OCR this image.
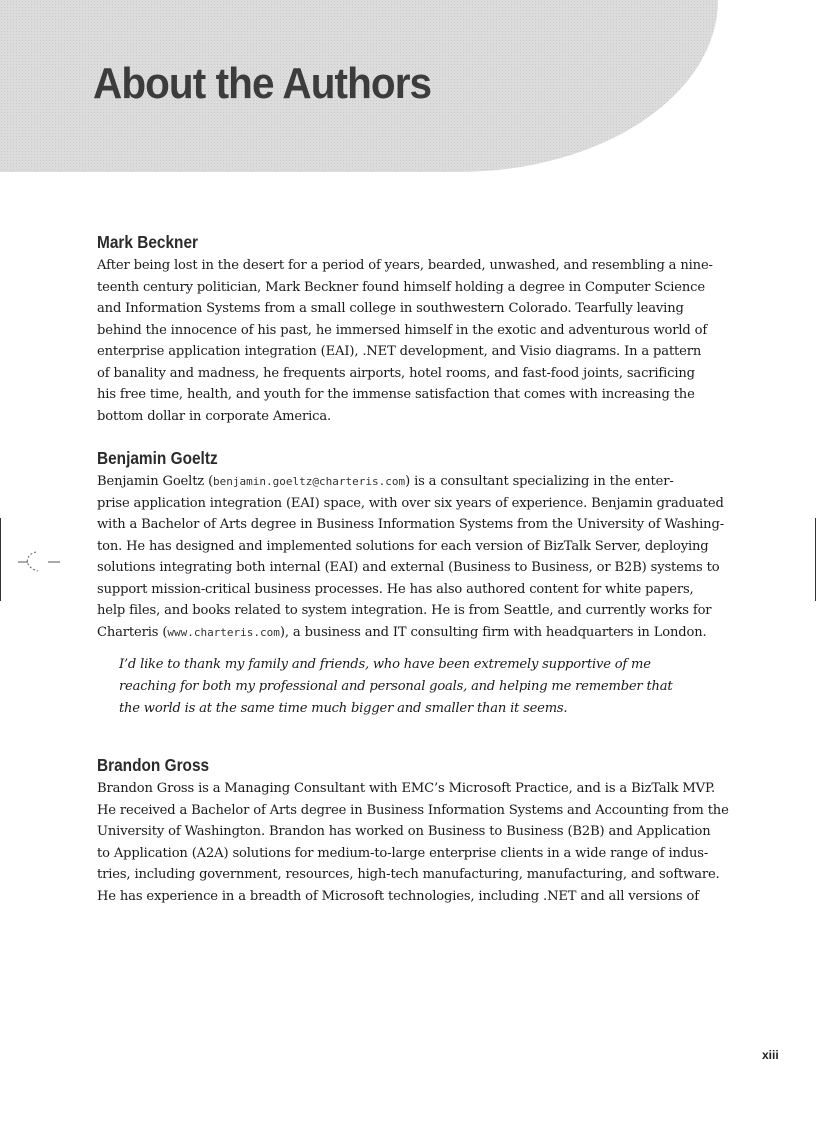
About the Authors
Mark Beckner

After being lost in the desert for a period of years, bearded, unwashed, and resembling a nine-

teenth century politician, Mark Beckner found himself holding a degree in Computer Science

and Information Systems from a small college in southwestern Colorado. Tearfully leaving

behind the innocence of his past, he immersed himself in the exotic and adventurous world of

enterprise application integration (EAI), .NET development, and Visio diagrams. In a pattern

of banality and madness, he frequents airports, hotel rooms, and fast-food joints, sacrificing

his free time, health, and youth for the immense satisfaction that comes with increasing the

bottom dollar in corporate America.

Benjamin Goeltz

Benjamin Goeltz (benjamin.goeltz@charteris.com) is a consultant specializing in the enter-

prise application integration (EAI) space, with over six years of experience. Benjamin graduated

with a Bachelor of Arts degree in Business Information Systems from the University of Washing-

ton. He has designed and implemented solutions for each version of BizTalk Server, deploying

solutions integrating both internal (EAI) and external (Business to Business, or B2B) systems to

support mission-critical business processes. He has also authored content for white papers,

help files, and books related to system integration. He is from Seattle, and currently works for

Charteris (www.charteris.com), a business and IT consulting firm with headquarters in London.

I’d like to thank my family and friends, who have been extremely supportive of me

reaching for both my professional and personal goals, and helping me remember that

the world is at the same time much bigger and smaller than it seems.

Brandon Gross

Brandon Gross is a Managing Consultant with EMC’s Microsoft Practice, and is a BizTalk MVP.

He received a Bachelor of Arts degree in Business Information Systems and Accounting from the

University of Washington. Brandon has worked on Business to Business (B2B) and Application

to Application (A2A) solutions for medium-to-large enterprise clients in a wide range of indus-

tries, including government, resources, high-tech manufacturing, manufacturing, and software.

He has experience in a breadth of Microsoft technologies, including .NET and all versions of

xiii
